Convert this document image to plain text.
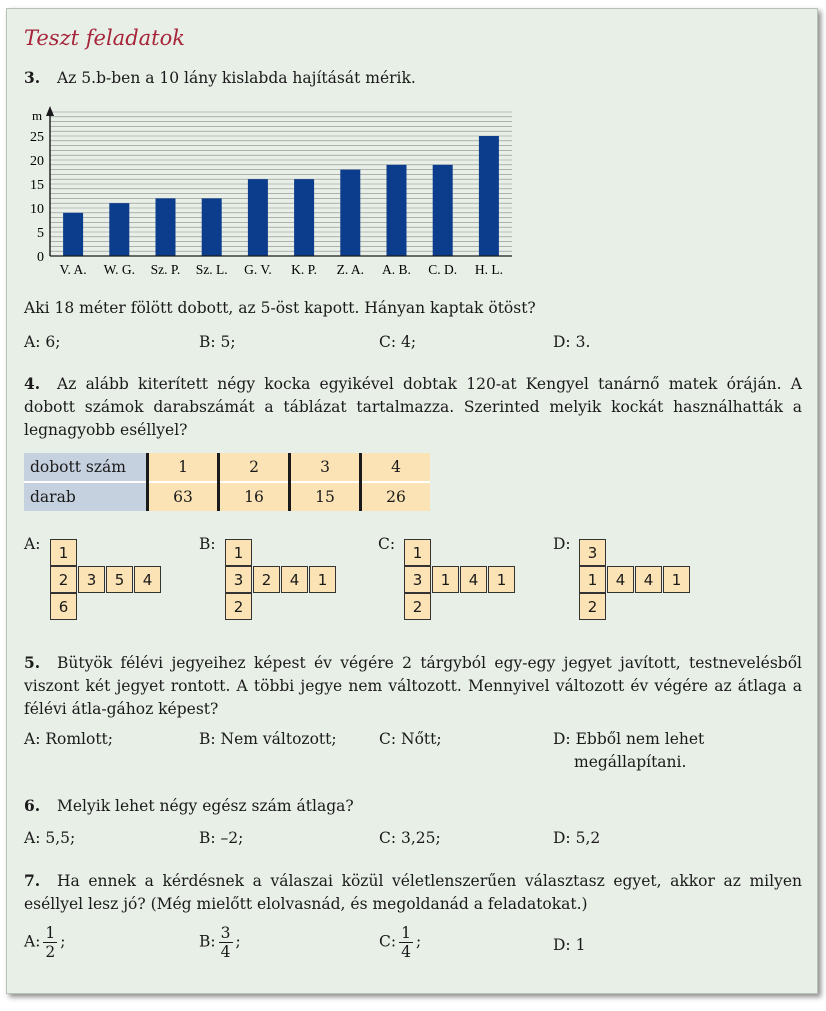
Teszt feladatok
3. Az 5.b-ben a 10 lány kislabda hajítását mérik.
0
5
10
15
20
25
V. A. W. G. Sz. P. Sz. L. G. V. K. P. Z. A. A. B. C. D. H. L.
m
Aki 18 méter fölött dobott, az 5-öst kapott. Hányan kaptak ötöst?
A: 6;	B: 5;	C: 4;	D: 3.
4. Az alább kiterített négy kocka egyikével dobtak 120-at Kengyel tanárnő matek óráján. A dobott számok darabszámát a táblázat tartalmazza. Szerinted melyik kockát használhatták a legnagyobb eséllyel?
dobott szám	1	2	3	4
darab	63	16	15	26
A:	1
2	3	5	4
6
B:	1
3	2	4	1
2
C:	1
3	1	4	1
2
D:	3
1	4	4	1
2
5. Bütyök félévi jegyeihez képest év végére 2 tárgyból egy-egy jegyet javított, testnevelésből viszont két jegyet rontott. A többi jegye nem változott. Mennyivel változott év végére az átlaga a félévi átla-gához képest?
A: Romlott;	B: Nem változott;	C: Nőtt;	D: Ebből nem lehet
megállapítani.
6. Melyik lehet négy egész szám átlaga?
A: 5,5;	B: –2;	C: 3,25;	D: 5,2
7. Ha ennek a kérdésnek a válaszai közül véletlenszerűen választasz egyet, akkor az milyen eséllyel lesz jó? (Még mielőtt elolvasnád, és megoldanád a feladatokat.)
A: $\frac{1}{2}$ ;	B: $\frac{3}{4}$ ;	C: $\frac{1}{4}$ ;	D: 1
